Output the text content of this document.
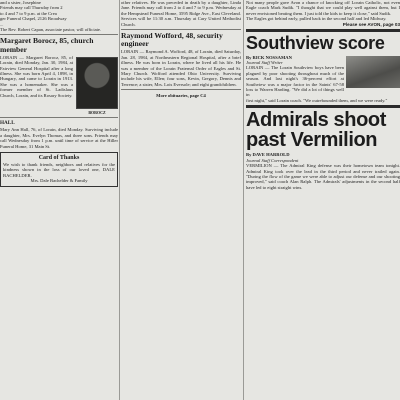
and a sister, Josephine

Friends may call Thursday from 2

to 4 and 7 to 9 p.m. at the Crea

ger Funeral Chapel, 2126 Broadway

...

The Rev. Robert Capan, associate pastor, will officiate.

Margaret Borocz, 85, church member

LORAIN — Margaret Borocz, 85, of Lorain, died Monday, Jan. 30, 1984, at Fairview General Hospital after a long illness. She was born April 4, 1898, in Hungary, and came to Lorain in 1913. She was a homemaker. She was a former member of St. Ladislaus Church, Lorain, and its Rosary Society.

BOROCZ

HALL

Mary Ann Hall, 76, of Lorain, died Monday. Surviving include a daughter, Mrs. Evelyn Thomas, and three sons. Friends may call Wednesday from 1 p.m. until time of service at the Hiller Funeral Home, 31 Main St.

Card of Thanks

We wish to thank friends, neighbors and relatives for the kindness shown in the loss of our loved one, DALE BACHELDER.

Mrs. Dale Bachelder & Family

other relatives. He was preceded in death by a daughter, Linda Jane. Friends may call from 2 to 4 and 7 to 9 p.m. Wednesday at the Hempstead Funeral Home, 3595 Ridge Ave., East Cleveland. Services will be 11:30 a.m. Thursday at Cary United Methodist Church.

Raymond Wofford, 48, security engineer

LORAIN — Raymond A. Wofford, 48, of Lorain, died Saturday, Jan. 28, 1984, at Northeastern Regional Hospital, after a brief illness. He was born in Lorain, where he lived all his life. He was a member of the Lorain Fraternal Order of Eagles and St. Mary Church. Wofford attended Ohio University. Surviving include his wife, Ellen; four sons, Kevin, Gregory, Dennis and Terrence; a sister, Mrs. Lois Eversole; and eight grandchildren.

More obituaries, page C4

Not many people gave Avon a chance of knocking off Lorain Catholic, not even Eagle coach Mark Sudik. "I thought that we could play well against them, but I never envisioned beating them. I just told the kids to keep it close," said Sudik.

The Eagles got behind early, pulled back in the second half and led Midway.

Please see AVON, page 03

Southview score

By RICK NOSSAMAN

Journal Staff Writer

LORAIN — The Lorain Southview boys have been plagued by poor shooting throughout much of the season. And last night's 36-percent effort at Southview was a major factor in the Saints' 67-58 loss to Warren Harding. "We did a lot of things well in

first night," said Lorain coach. "We outrebounded them, and we were ready."

Admirals shoot past Vermilion

By DAVE HARROLD

Journal Staff Correspondent

VERMILION — The Admiral King defense was their hometown team tonight. Admiral King took over the lead in the third period and never trailed again. "During the flow of the game we were able to adjust our defense and our shooting improved," said coach Alan Ralph. The Admirals' adjustments in the second half have led to eight straight wins.
